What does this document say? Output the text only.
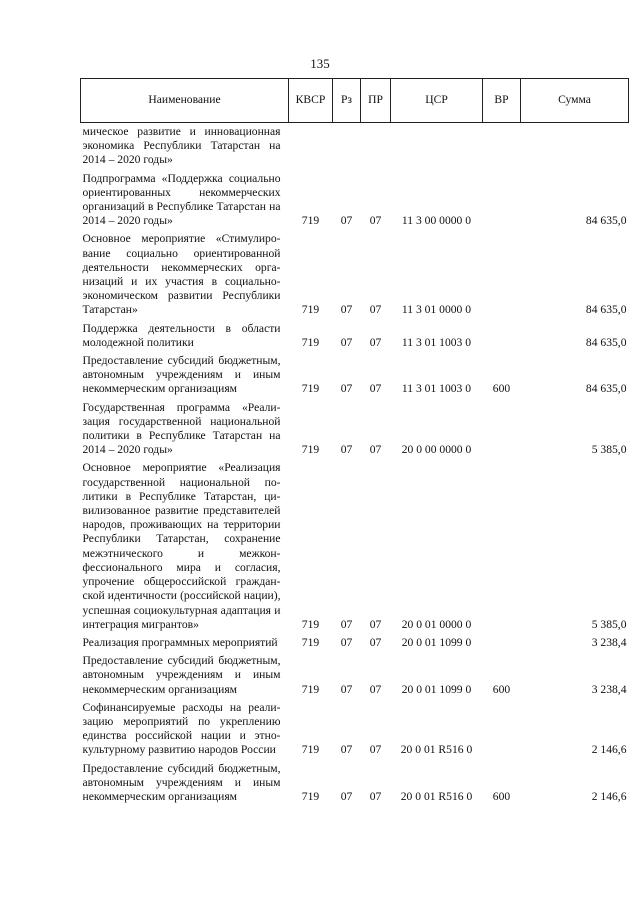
135
Наименование	КВСР	Рз	ПР	ЦСР	ВР	Сумма
мическое развитие и инновационная экономика Республики Татарстан на 2014 – 2020 годы»						
Подпрограмма «Поддержка социально ориентированных некоммерческих организаций в Республике Татарстан на 2014 – 2020 годы»	719	07	07	11 3 00 0000 0		84 635,0
Основное мероприятие «Стимулирование социально ориентированной деятельности некоммерческих организаций и их участия в социально-экономическом развитии Республики Татарстан»	719	07	07	11 3 01 0000 0		84 635,0
Поддержка деятельности в области молодежной политики	719	07	07	11 3 01 1003 0		84 635,0
Предоставление субсидий бюджетным, автономным учреждениям и иным некоммерческим организациям	719	07	07	11 3 01 1003 0	600	84 635,0
Государственная программа «Реализация государственной национальной политики в Республике Татарстан на 2014 – 2020 годы»	719	07	07	20 0 00 0000 0		5 385,0
Основное мероприятие «Реализация государственной национальной политики в Республике Татарстан, цивилизованное развитие представителей народов, проживающих на территории Республики Татарстан, сохранение межэтнического и межконфессионального мира и согласия, упрочение общероссийской гражданской идентичности (российской нации), успешная социокультурная адаптация и интеграция мигрантов»	719	07	07	20 0 01 0000 0		5 385,0
Реализация программных мероприятий	719	07	07	20 0 01 1099 0		3 238,4
Предоставление субсидий бюджетным, автономным учреждениям и иным некоммерческим организациям	719	07	07	20 0 01 1099 0	600	3 238,4
Софинансируемые расходы на реализацию мероприятий по укреплению единства российской нации и этнокультурному развитию народов России	719	07	07	20 0 01 R516 0		2 146,6
Предоставление субсидий бюджетным, автономным учреждениям и иным некоммерческим организациям	719	07	07	20 0 01 R516 0	600	2 146,6
